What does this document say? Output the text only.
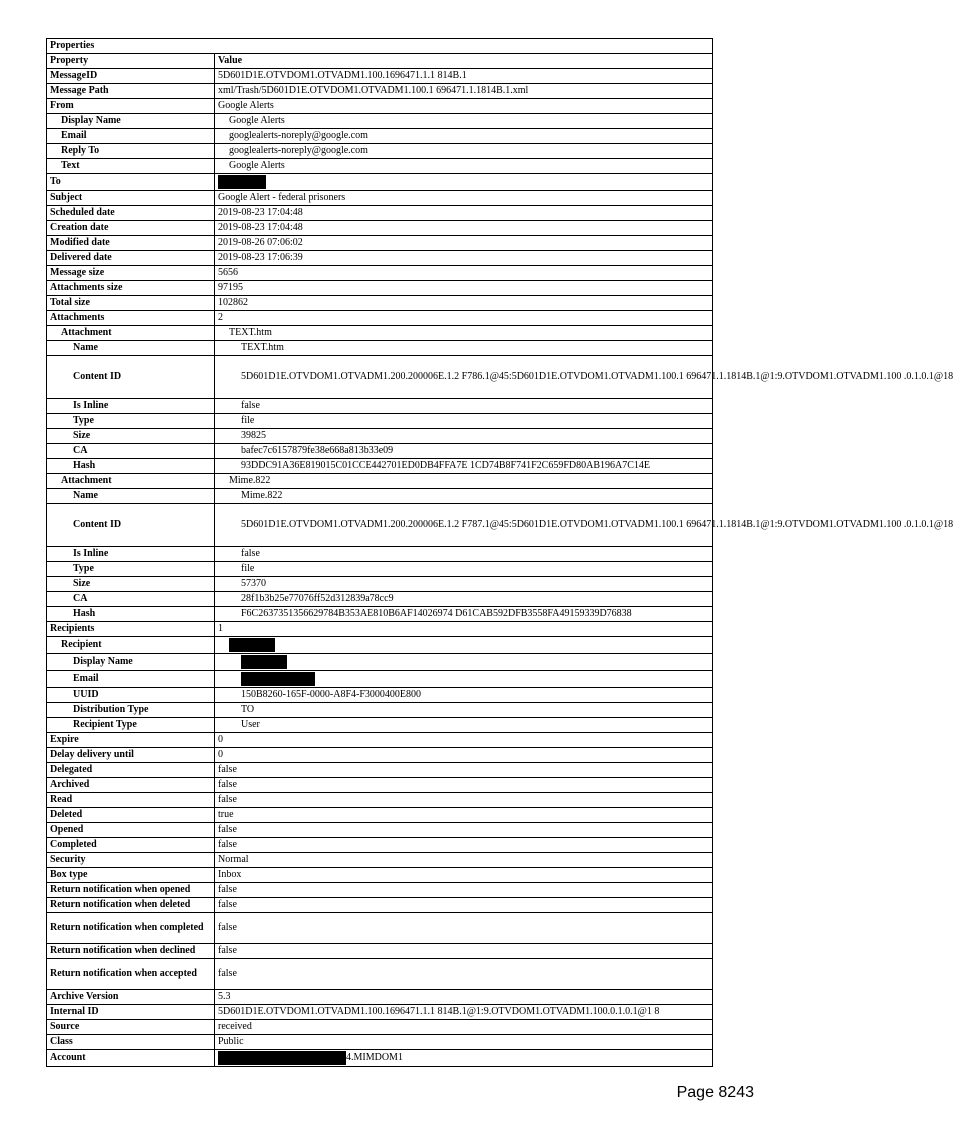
Properties	
Property	Value
MessageID	5D601D1E.OTVDOM1.OTVADM1.100.1696471.1.1 814B.1
Message Path	xml/Trash/5D601D1E.OTVDOM1.OTVADM1.100.1 696471.1.1814B.1.xml
From	Google Alerts
Display Name	Google Alerts
Email	googlealerts-noreply@google.com
Reply To	googlealerts-noreply@google.com
Text	Google Alerts
To	
Subject	Google Alert - federal prisoners
Scheduled date	2019-08-23 17:04:48
Creation date	2019-08-23 17:04:48
Modified date	2019-08-26 07:06:02
Delivered date	2019-08-23 17:06:39
Message size	5656
Attachments size	97195
Total size	102862
Attachments	2
Attachment	TEXT.htm
Name	TEXT.htm
Content ID	5D601D1E.OTVDOM1.OTVADM1.200.200006E.1.2 F786.1@45:5D601D1E.OTVDOM1.OTVADM1.100.1 696471.1.1814B.1@1:9.OTVDOM1.OTVADM1.100 .0.1.0.1@18
Is Inline	false
Type	file
Size	39825
CA	bafec7c6157879fe38e668a813b33e09
Hash	93DDC91A36E819015C01CCE442701ED0DB4FFA7E 1CD74B8F741F2C659FD80AB196A7C14E
Attachment	Mime.822
Name	Mime.822
Content ID	5D601D1E.OTVDOM1.OTVADM1.200.200006E.1.2 F787.1@45:5D601D1E.OTVDOM1.OTVADM1.100.1 696471.1.1814B.1@1:9.OTVDOM1.OTVADM1.100 .0.1.0.1@18
Is Inline	false
Type	file
Size	57370
CA	28f1b3b25e77076ff52d312839a78cc9
Hash	F6C2637351356629784B353AE810B6AF14026974 D61CAB592DFB3558FA49159339D76838
Recipients	1
Recipient	
Display Name	
Email	
UUID	150B8260-165F-0000-A8F4-F3000400E800
Distribution Type	TO
Recipient Type	User
Expire	0
Delay delivery until	0
Delegated	false
Archived	false
Read	false
Deleted	true
Opened	false
Completed	false
Security	Normal
Box type	Inbox
Return notification when opened	false
Return notification when deleted	false
Return notification when completed	false
Return notification when declined	false
Return notification when accepted	false
Archive Version	5.3
Internal ID	5D601D1E.OTVDOM1.OTVADM1.100.1696471.1.1 814B.1@1:9.OTVDOM1.OTVADM1.100.0.1.0.1@1 8
Source	received
Class	Public
Account	4.MIMDOM1
Page 8243
